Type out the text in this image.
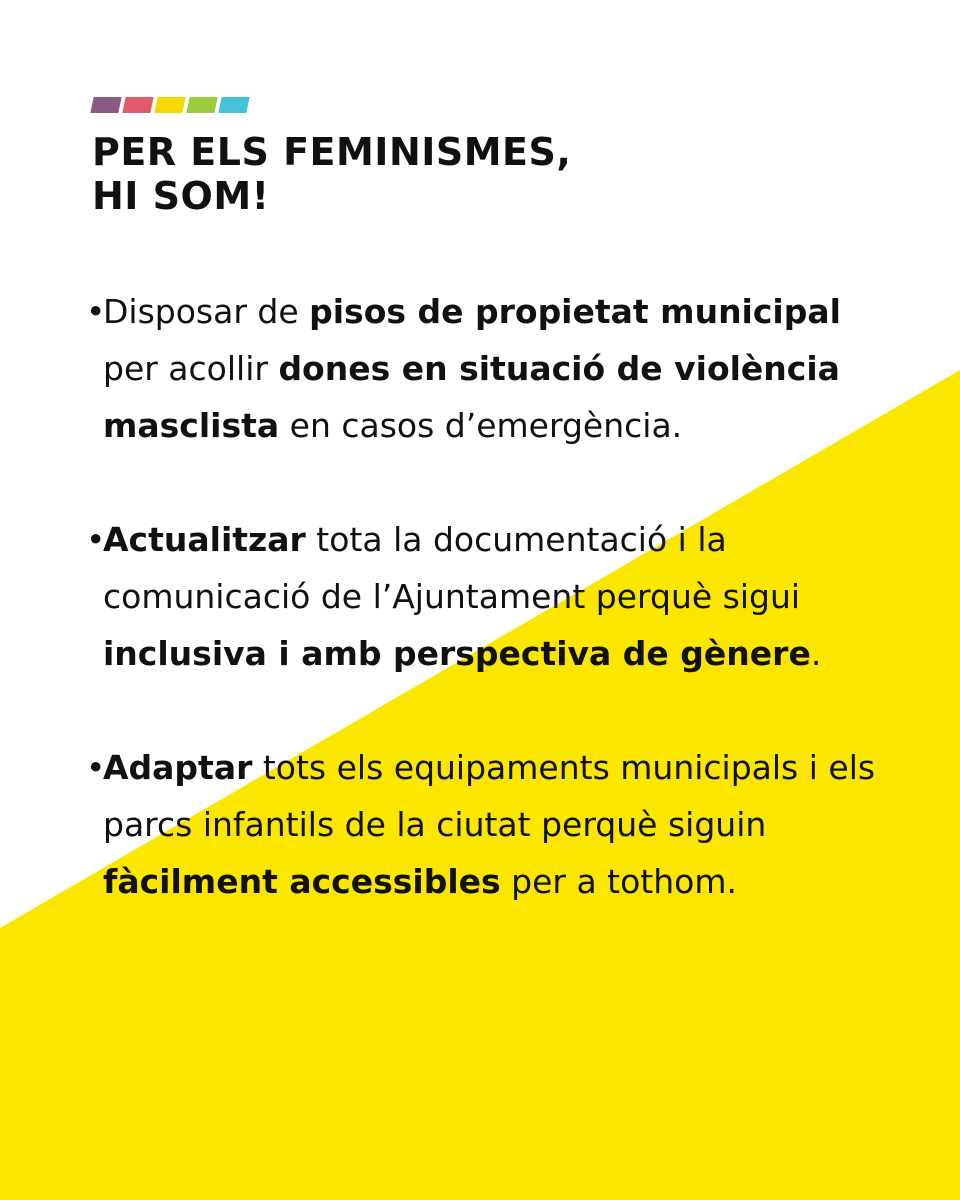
PER ELS FEMINISMES,
HI SOM!
•
Disposar de pisos de propietat municipal per acollir dones en situació de violència masclista en casos d’emergència.
•
Actualitzar tota la documentació i la comunicació de l’Ajuntament perquè sigui inclusiva i amb perspectiva de gènere.
•
Adaptar tots els equipaments municipals i els parcs infantils de la ciutat perquè siguin fàcilment accessibles per a tothom.
